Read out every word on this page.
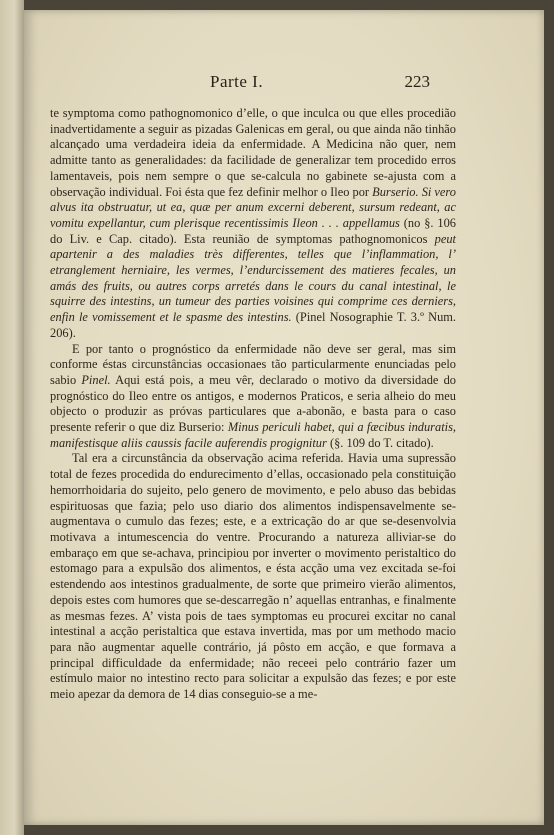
Parte I.	223

te symptoma como pathognomonico d’elle, o que inculca ou que elles procedião inadvertidamente a seguir as pizadas Galenicas em geral, ou que ainda não tinhão alcançado uma verdadeira ideia da enfermidade. A Medicina não quer, nem admitte tanto as generalidades: da facilidade de generalizar tem procedido erros lamentaveis, pois nem sempre o que se-calcula no gabinete se-ajusta com a observação individual. Foi ésta que fez definir melhor o Ileo por Burserio. Si vero alvus ita obstruatur, ut ea, quæ per anum excerni deberent, sursum redeant, ac vomitu expellantur, cum plerisque recentissimis Ileon . . . appellamus (no §. 106 do Liv. e Cap. citado). Esta reunião de symptomas pathognomonicos peut apartenir a des maladies très differentes, telles que l’inflammation, l’ etranglement herniaire, les vermes, l’endurcissement des matieres fecales, un amás des fruits, ou autres corps arretés dans le cours du canal intestinal, le squirre des intestins, un tumeur des parties voisines qui comprime ces derniers, enfin le vomissement et le spasme des intestins. (Pinel Nosographie T. 3.º Num. 206).

E por tanto o prognóstico da enfermidade não deve ser geral, mas sim conforme éstas circunstâncias occasionaes tão particularmente enunciadas pelo sabio Pinel. Aqui está pois, a meu vêr, declarado o motivo da diversidade do prognóstico do Ileo entre os antigos, e modernos Praticos, e seria alheio do meu objecto o produzir as próvas particulares que a-abonão, e basta para o caso presente referir o que diz Burserio: Minus periculi habet, qui a fæcibus induratis, manifestisque aliis caussis facile auferendis progignitur (§. 109 do T. citado).

Tal era a circunstância da observação acima referida. Havia uma supressão total de fezes procedida do endurecimento d’ellas, occasionado pela constituição hemorrhoidaria do sujeito, pelo genero de movimento, e pelo abuso das bebidas espirituosas que fazia; pelo uso diario dos alimentos indispensavelmente se-augmentava o cumulo das fezes; este, e a extricação do ar que se-desenvolvia motivava a intumescencia do ventre. Procurando a natureza alliviar-se do embaraço em que se-achava, principiou por inverter o movimento peristaltico do estomago para a expulsão dos alimentos, e ésta acção uma vez excitada se-foi estendendo aos intestinos gradualmente, de sorte que primeiro vierão alimentos, depois estes com humores que se-descarregão n’ aquellas entranhas, e finalmente as mesmas fezes. A’ vista pois de taes symptomas eu procurei excitar no canal intestinal a acção peristaltica que estava invertida, mas por um methodo macio para não augmentar aquelle contrário, já pôsto em acção, e que formava a principal difficuldade da enfermidade; não receei pelo contrário fazer um estímulo maior no intestino recto para solicitar a expulsão das fezes; e por este meio apezar da demora de 14 dias conseguio-se a me-
